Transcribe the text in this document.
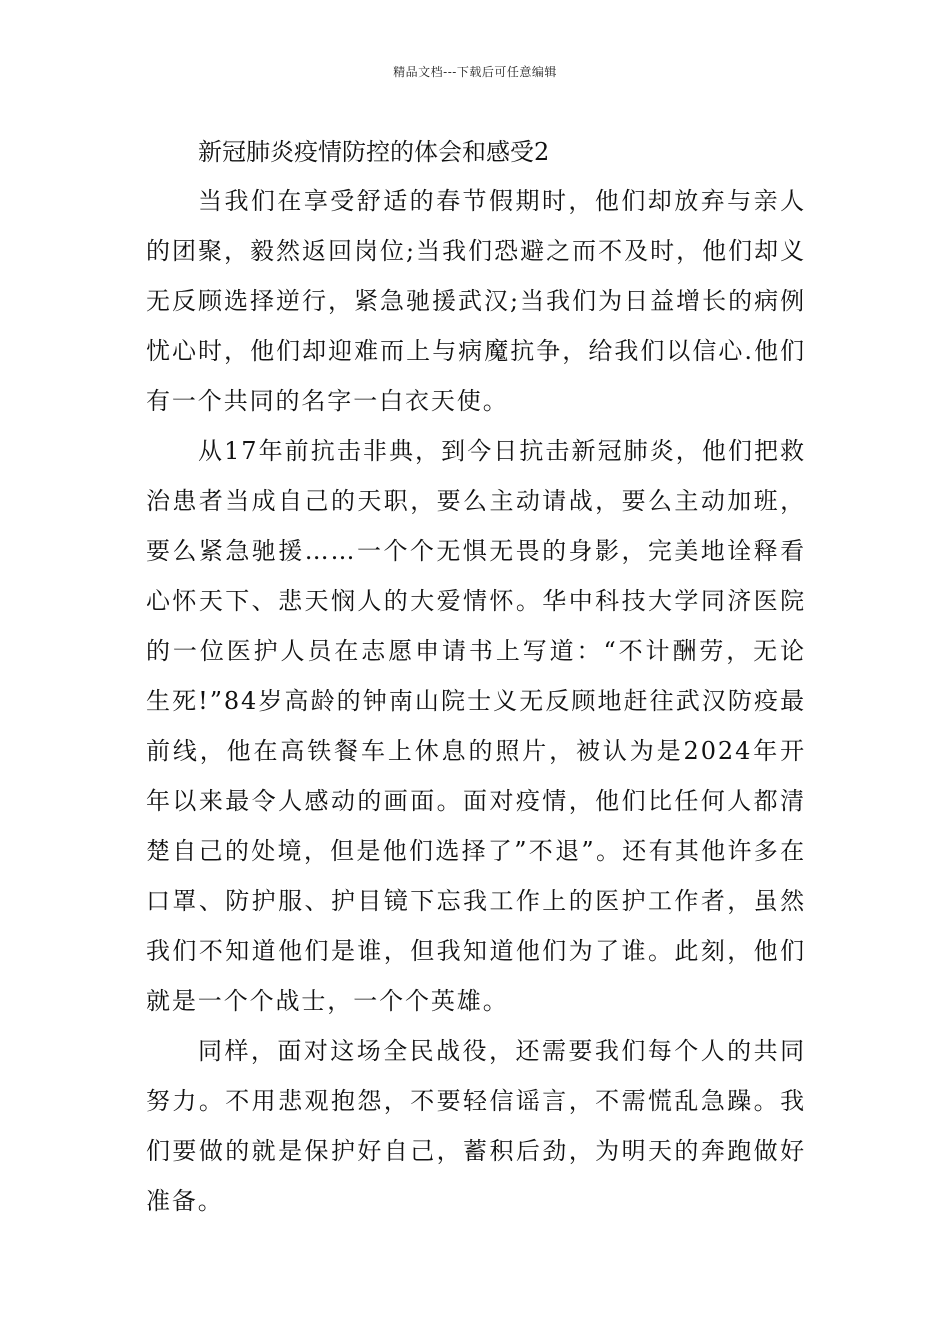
精品文档---下载后可任意编辑
新冠肺炎疫情防控的体会和感受2

当我们在享受舒适的春节假期时，他们却放弃与亲人的团聚，毅然返回岗位;当我们恐避之而不及时，他们却义无反顾选择逆行，紧急驰援武汉;当我们为日益增长的病例忧心时，他们却迎难而上与病魔抗争，给我们以信心.他们有一个共同的名字一白衣天使。

从17年前抗击非典，到今日抗击新冠肺炎，他们把救治患者当成自己的天职，要么主动请战，要么主动加班，要么紧急驰援……一个个无惧无畏的身影，完美地诠释看心怀天下、悲天悯人的大爱情怀。华中科技大学同济医院的一位医护人员在志愿申请书上写道：“不计酬劳，无论生死!”84岁高龄的钟南山院士义无反顾地赶往武汉防疫最前线，他在高铁餐车上休息的照片，被认为是2024年开年以来最令人感动的画面。面对疫情，他们比任何人都清楚自己的处境，但是他们选择了”不退”。还有其他许多在口罩、防护服、护目镜下忘我工作上的医护工作者，虽然我们不知道他们是谁，但我知道他们为了谁。此刻，他们就是一个个战士，一个个英雄。

同样，面对这场全民战役，还需要我们每个人的共同努力。不用悲观抱怨，不要轻信谣言，不需慌乱急躁。我们要做的就是保护好自己，蓄积后劲，为明天的奔跑做好准备。
